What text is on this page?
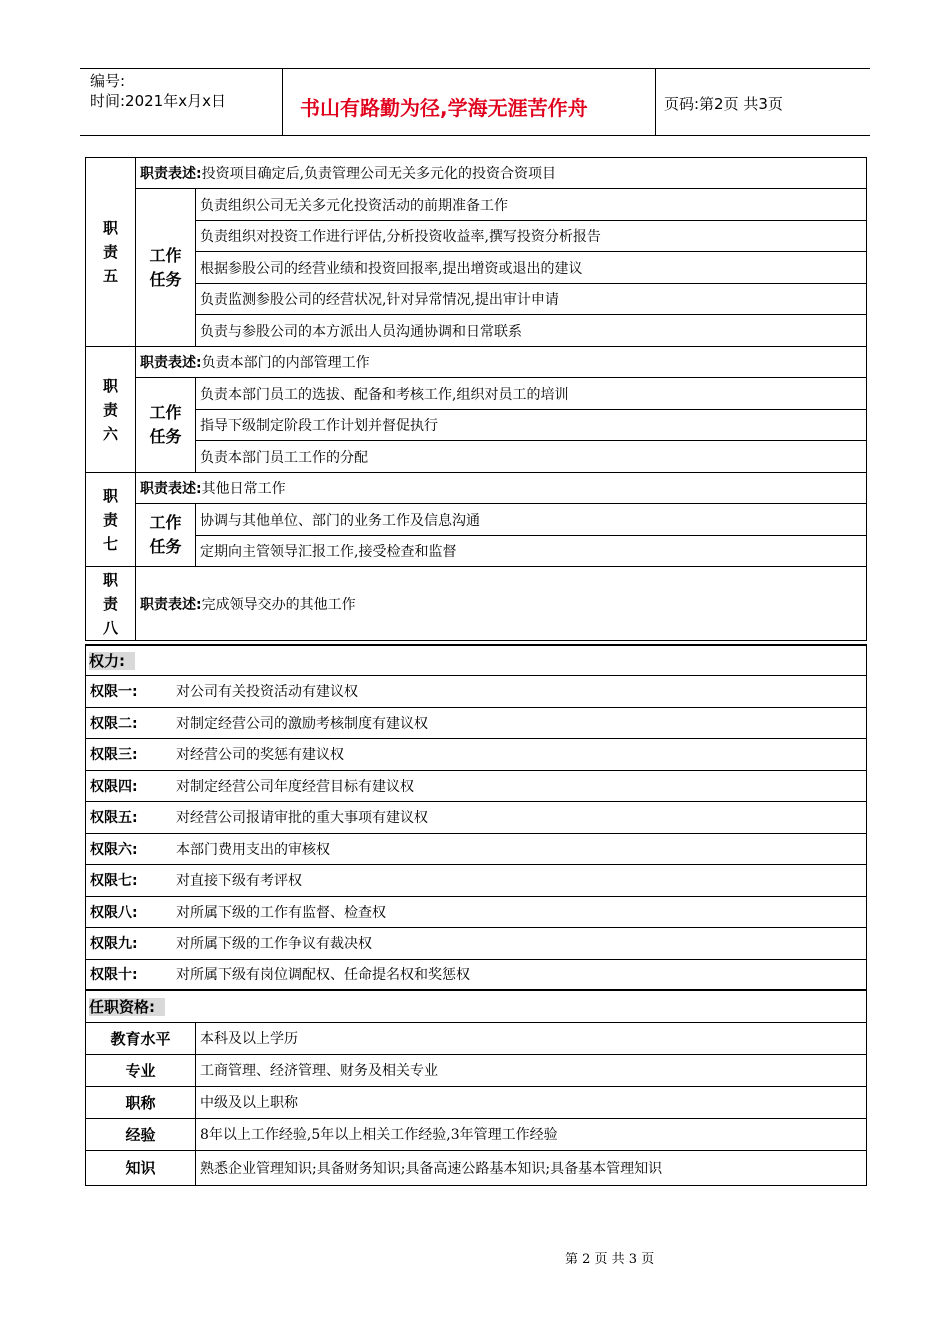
编号:
时间:2021年x月x日	书山有路勤为径,学海无涯苦作舟	页码:第2页 共3页
职
责
五	职责表述:投资项目确定后,负责管理公司无关多元化的投资合资项目	

	工作
任务	负责组织公司无关多元化投资活动的前期准备工作
		负责组织对投资工作进行评估,分析投资收益率,撰写投资分析报告
		根据参股公司的经营业绩和投资回报率,提出增资或退出的建议
		负责监测参股公司的经营状况,针对异常情况,提出审计申请
		负责与参股公司的本方派出人员沟通协调和日常联系

职
责
六	职责表述:负责本部门的内部管理工作	

	工作
任务	负责本部门员工的选拔、配备和考核工作,组织对员工的培训
		指导下级制定阶段工作计划并督促执行
		负责本部门员工工作的分配

职
责
七	职责表述:其他日常工作	

	工作
任务	协调与其他单位、部门的业务工作及信息沟通
		定期向主管领导汇报工作,接受检查和监督

职
责
八	职责表述:完成领导交办的其他工作	
权力:	
权限一: 对公司有关投资活动有建议权	
权限二: 对制定经营公司的激励考核制度有建议权	
权限三: 对经营公司的奖惩有建议权	
权限四: 对制定经营公司年度经营目标有建议权	
权限五: 对经营公司报请审批的重大事项有建议权	
权限六: 本部门费用支出的审核权	
权限七: 对直接下级有考评权	
权限八: 对所属下级的工作有监督、检查权	
权限九: 对所属下级的工作争议有裁决权	
权限十: 对所属下级有岗位调配权、任命提名权和奖惩权	
任职资格:	
教育水平	本科及以上学历
专业	工商管理、经济管理、财务及相关专业
职称	中级及以上职称
经验	8年以上工作经验,5年以上相关工作经验,3年管理工作经验
知识	熟悉企业管理知识;具备财务知识;具备高速公路基本知识;具备基本管理知识
第 2 页 共 3 页
